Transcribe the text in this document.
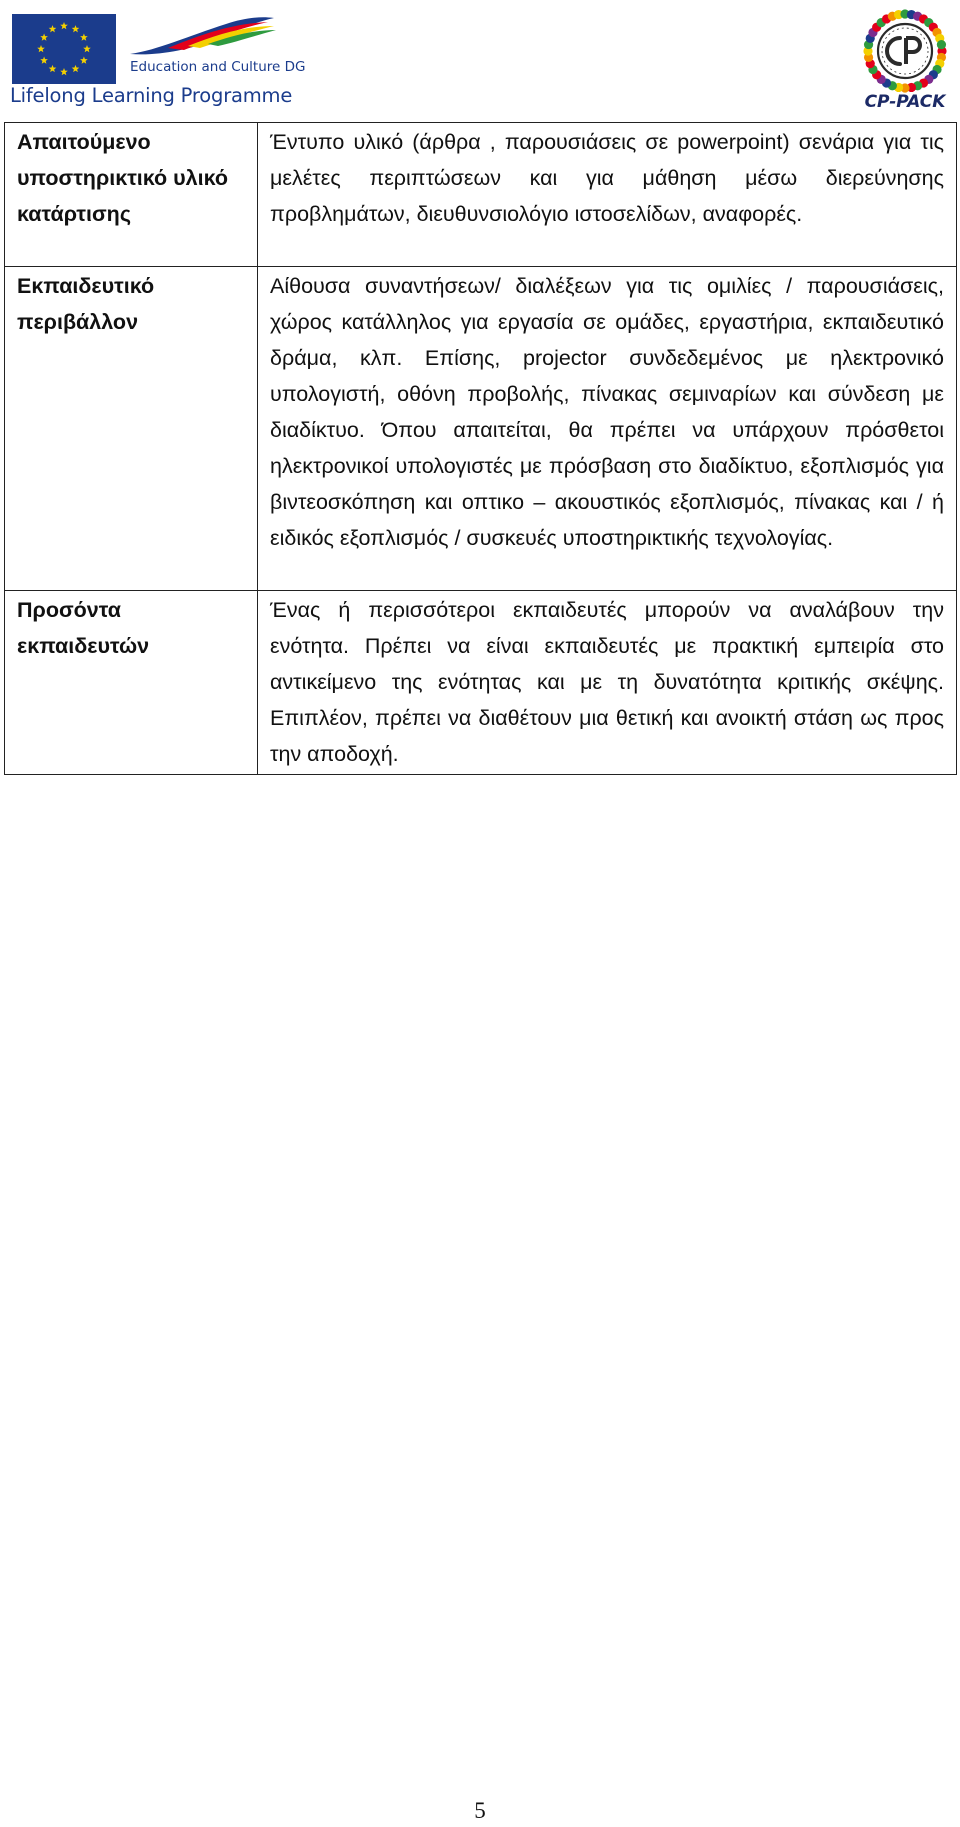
Education and Culture DG
Lifelong Learning Programme	CP-PACK
Απαιτούμενο υποστηρικτικό υλικό κατάρτισης	Έντυπο υλικό (άρθρα , παρουσιάσεις σε powerpoint) σενάρια για τις μελέτες περιπτώσεων και για μάθηση μέσω διερεύνησης προβλημάτων, διευθυνσιολόγιο ιστοσελίδων, αναφορές.
Εκπαιδευτικό περιβάλλον	Αίθουσα συναντήσεων/ διαλέξεων για τις ομιλίες / παρουσιάσεις, χώρος κατάλληλος για εργασία σε ομάδες, εργαστήρια, εκπαιδευτικό δράμα, κλπ. Επίσης, projector συνδεδεμένος με ηλεκτρονικό υπολογιστή, οθόνη προβολής, πίνακας σεμιναρίων και σύνδεση με διαδίκτυο. Όπου απαιτείται, θα πρέπει να υπάρχουν πρόσθετοι ηλεκτρονικοί υπολογιστές με πρόσβαση στο διαδίκτυο, εξοπλισμός για βιντεοσκόπηση και οπτικο – ακουστικός εξοπλισμός, πίνακας και / ή ειδικός εξοπλισμός / συσκευές υποστηρικτικής τεχνολογίας.
Προσόντα εκπαιδευτών	Ένας ή περισσότεροι εκπαιδευτές μπορούν να αναλάβουν την ενότητα. Πρέπει να είναι εκπαιδευτές με πρακτική εμπειρία στο αντικείμενο της ενότητας και με τη δυνατότητα κριτικής σκέψης. Επιπλέον, πρέπει να διαθέτουν μια θετική και ανοικτή στάση ως προς την αποδοχή.
5
